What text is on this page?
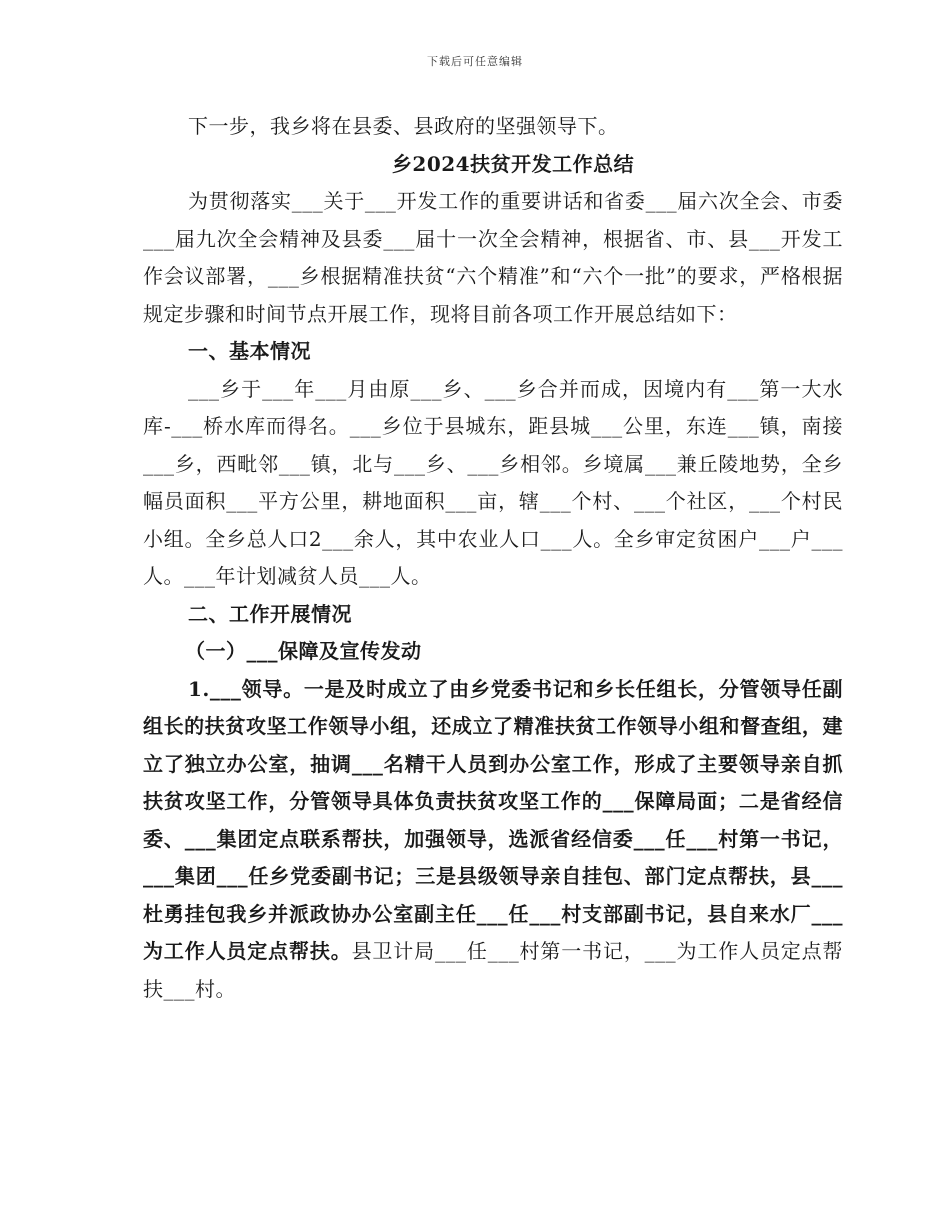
下载后可任意编辑

下一步，我乡将在县委、县政府的坚强领导下。

乡2024扶贫开发工作总结

为贯彻落实___关于___开发工作的重要讲话和省委___届六次全会、市委___届九次全会精神及县委___届十一次全会精神，根据省、市、县___开发工作会议部署，___乡根据精准扶贫“六个精准”和“六个一批”的要求，严格根据规定步骤和时间节点开展工作，现将目前各项工作开展总结如下：

一、基本情况

___乡于___年___月由原___乡、___乡合并而成，因境内有___第一大水库-___桥水库而得名。___乡位于县城东，距县城___公里，东连___镇，南接___乡，西毗邻___镇，北与___乡、___乡相邻。乡境属___兼丘陵地势，全乡幅员面积___平方公里，耕地面积___亩，辖___个村、___个社区，___个村民小组。全乡总人口2___余人，其中农业人口___人。全乡审定贫困户___户___人。___年计划减贫人员___人。

二、工作开展情况

（一）___保障及宣传发动

1.___领导。一是及时成立了由乡党委书记和乡长任组长，分管领导任副组长的扶贫攻坚工作领导小组，还成立了精准扶贫工作领导小组和督查组，建立了独立办公室，抽调___名精干人员到办公室工作，形成了主要领导亲自抓扶贫攻坚工作，分管领导具体负责扶贫攻坚工作的___保障局面；二是省经信委、___集团定点联系帮扶，加强领导，选派省经信委___任___村第一书记，___集团___任乡党委副书记；三是县级领导亲自挂包、部门定点帮扶，县___杜勇挂包我乡并派政协办公室副主任___任___村支部副书记，县自来水厂___为工作人员定点帮扶。县卫计局___任___村第一书记，___为工作人员定点帮扶___村。
